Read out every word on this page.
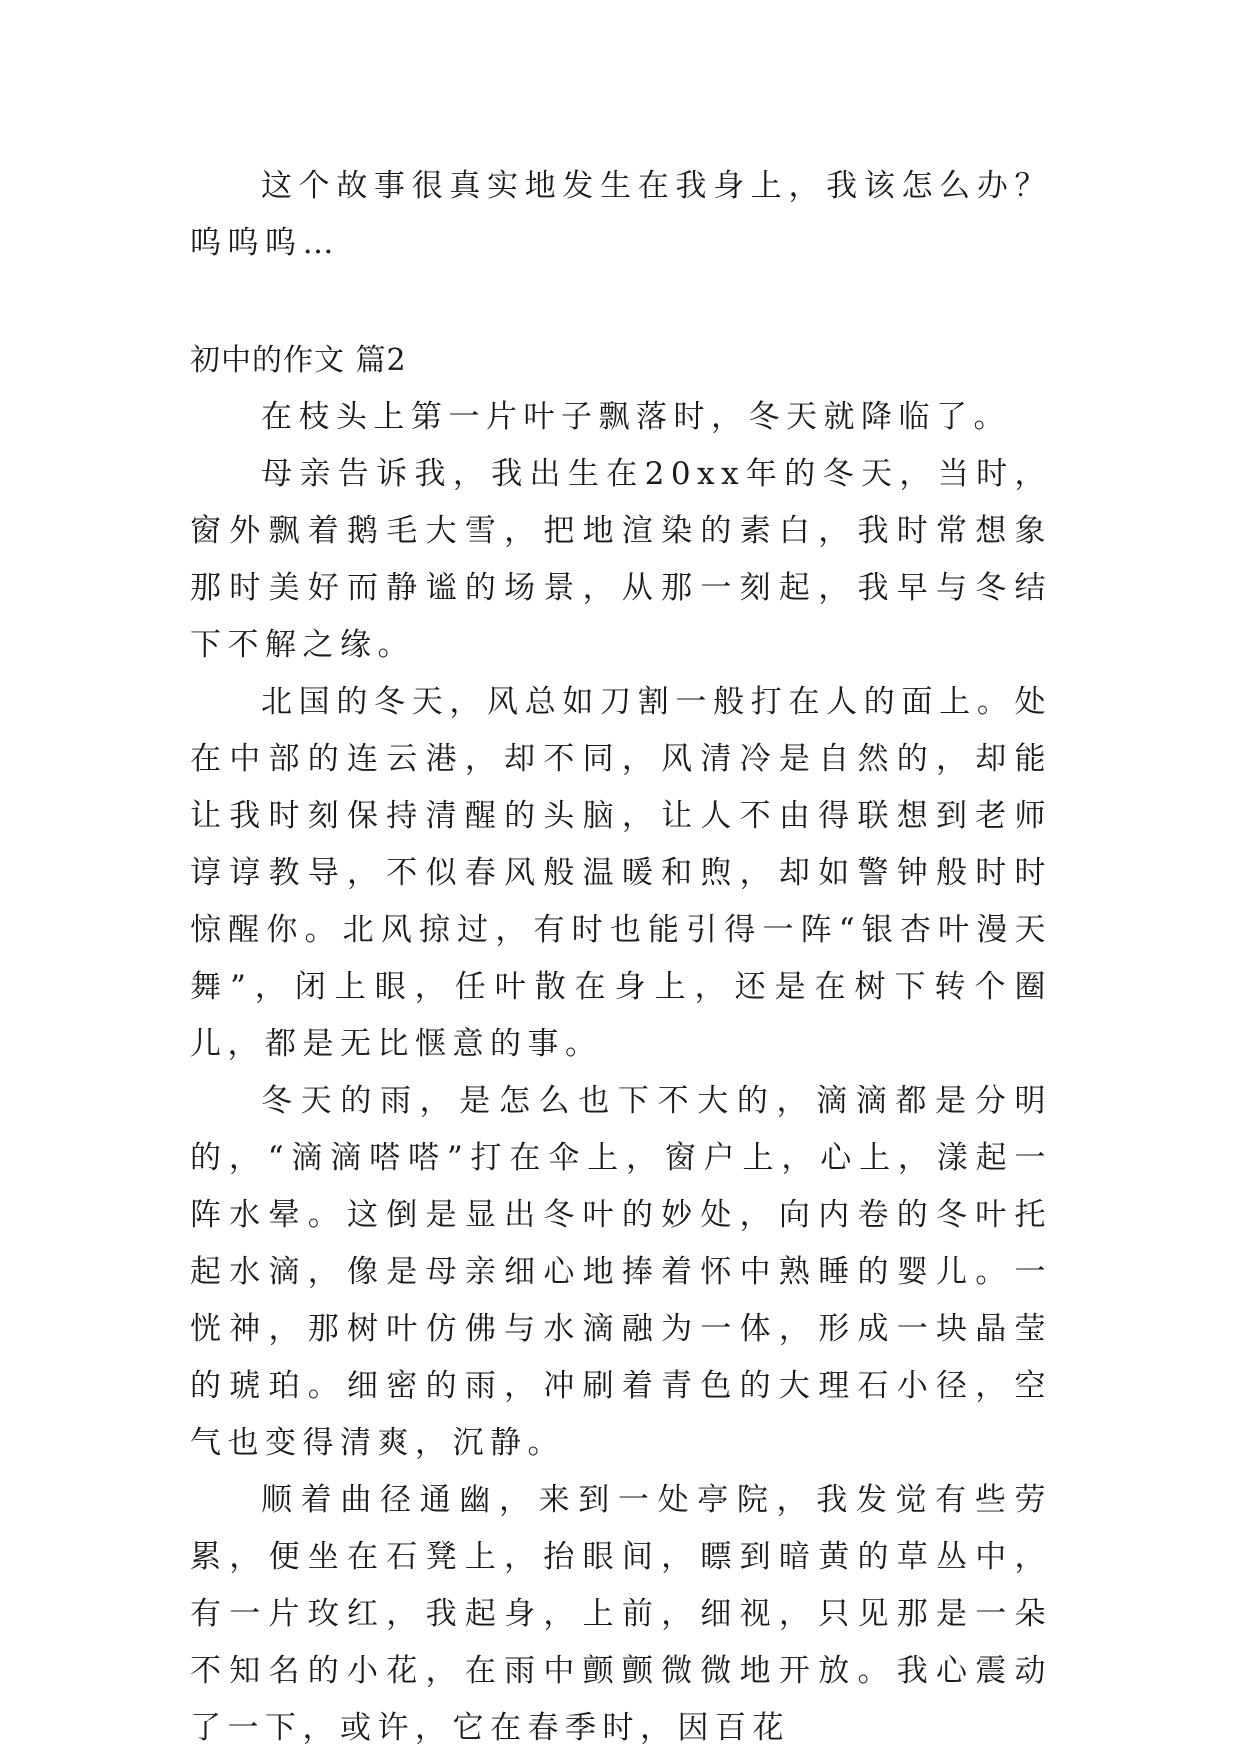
这个故事很真实地发生在我身上，我该怎么办？呜呜呜…

初中的作文 篇2

在枝头上第一片叶子飘落时，冬天就降临了。

母亲告诉我，我出生在20xx年的冬天，当时，窗外飘着鹅毛大雪，把地渲染的素白，我时常想象那时美好而静谧的场景，从那一刻起，我早与冬结下不解之缘。

北国的冬天，风总如刀割一般打在人的面上。处在中部的连云港，却不同，风清冷是自然的，却能让我时刻保持清醒的头脑，让人不由得联想到老师谆谆教导，不似春风般温暖和煦，却如警钟般时时惊醒你。北风掠过，有时也能引得一阵“银杏叶漫天舞”，闭上眼，任叶散在身上，还是在树下转个圈儿，都是无比惬意的事。

冬天的雨，是怎么也下不大的，滴滴都是分明的，“滴滴嗒嗒”打在伞上，窗户上，心上，漾起一阵水晕。这倒是显出冬叶的妙处，向内卷的冬叶托起水滴，像是母亲细心地捧着怀中熟睡的婴儿。一恍神，那树叶仿佛与水滴融为一体，形成一块晶莹的琥珀。细密的雨，冲刷着青色的大理石小径，空气也变得清爽，沉静。

顺着曲径通幽，来到一处亭院，我发觉有些劳累，便坐在石凳上，抬眼间，瞟到暗黄的草丛中，有一片玫红，我起身，上前，细视，只见那是一朵不知名的小花，在雨中颤颤微微地开放。我心震动了一下，或许，它在春季时，因百花
